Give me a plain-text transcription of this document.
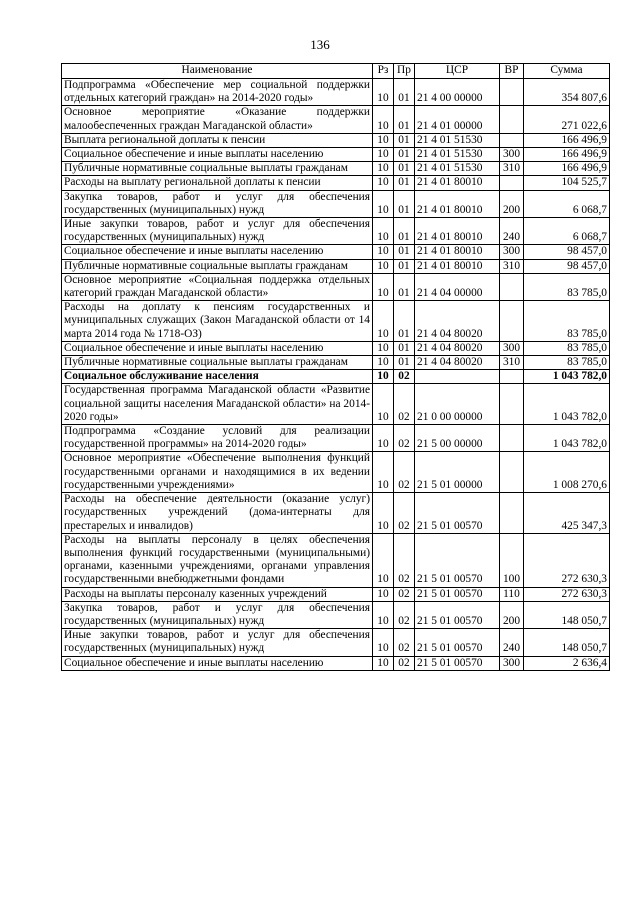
136
Наименование	Рз	Пр	ЦСР	ВР	Сумма
Подпрограмма «Обеспечение мер социальной поддержки отдельных категорий граждан» на 2014-2020 годы»	10	01	21 4 00 00000		354 807,6
Основное мероприятие «Оказание поддержки малообеспеченных граждан Магаданской области»	10	01	21 4 01 00000		271 022,6
Выплата региональной доплаты к пенсии	10	01	21 4 01 51530		166 496,9
Социальное обеспечение и иные выплаты населению	10	01	21 4 01 51530	300	166 496,9
Публичные нормативные социальные выплаты гражданам	10	01	21 4 01 51530	310	166 496,9
Расходы на выплату региональной доплаты к пенсии	10	01	21 4 01 80010		104 525,7
Закупка товаров, работ и услуг для обеспечения государственных (муниципальных) нужд	10	01	21 4 01 80010	200	6 068,7
Иные закупки товаров, работ и услуг для обеспечения государственных (муниципальных) нужд	10	01	21 4 01 80010	240	6 068,7
Социальное обеспечение и иные выплаты населению	10	01	21 4 01 80010	300	98 457,0
Публичные нормативные социальные выплаты гражданам	10	01	21 4 01 80010	310	98 457,0
Основное мероприятие «Социальная поддержка отдельных категорий граждан Магаданской области»	10	01	21 4 04 00000		83 785,0
Расходы на доплату к пенсиям государственных и муниципальных служащих (Закон Магаданской области от 14 марта 2014 года № 1718-ОЗ)	10	01	21 4 04 80020		83 785,0
Социальное обеспечение и иные выплаты населению	10	01	21 4 04 80020	300	83 785,0
Публичные нормативные социальные выплаты гражданам	10	01	21 4 04 80020	310	83 785,0
Социальное обслуживание населения	10	02			1 043 782,0
Государственная программа Магаданской области «Развитие социальной защиты населения Магаданской области» на 2014-2020 годы»	10	02	21 0 00 00000		1 043 782,0
Подпрограмма «Создание условий для реализации государственной программы» на 2014-2020 годы»	10	02	21 5 00 00000		1 043 782,0
Основное мероприятие «Обеспечение выполнения функций государственными органами и находящимися в их ведении государственными учреждениями»	10	02	21 5 01 00000		1 008 270,6
Расходы на обеспечение деятельности (оказание услуг) государственных учреждений (дома-интернаты для престарелых и инвалидов)	10	02	21 5 01 00570		425 347,3
Расходы на выплаты персоналу в целях обеспечения выполнения функций государственными (муниципальными) органами, казенными учреждениями, органами управления государственными внебюджетными фондами	10	02	21 5 01 00570	100	272 630,3
Расходы на выплаты персоналу казенных учреждений	10	02	21 5 01 00570	110	272 630,3
Закупка товаров, работ и услуг для обеспечения государственных (муниципальных) нужд	10	02	21 5 01 00570	200	148 050,7
Иные закупки товаров, работ и услуг для обеспечения государственных (муниципальных) нужд	10	02	21 5 01 00570	240	148 050,7
Социальное обеспечение и иные выплаты населению	10	02	21 5 01 00570	300	2 636,4
